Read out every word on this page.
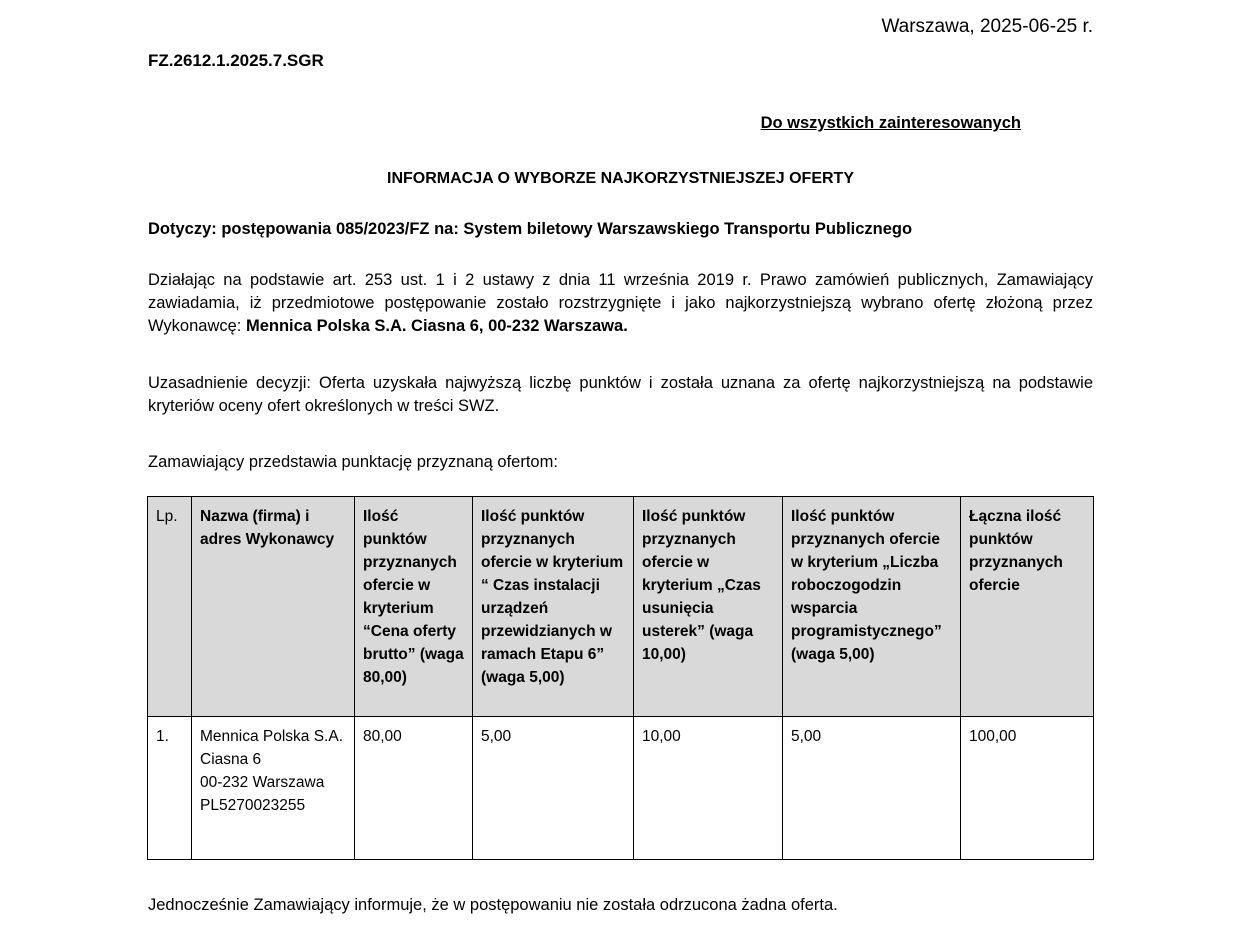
Warszawa, 2025-06-25 r.
FZ.2612.1.2025.7.SGR
Do wszystkich zainteresowanych
INFORMACJA O WYBORZE NAJKORZYSTNIEJSZEJ OFERTY
Dotyczy: postępowania 085/2023/FZ na: System biletowy Warszawskiego Transportu Publicznego
Działając na podstawie art. 253 ust. 1 i 2 ustawy z dnia 11 września 2019 r. Prawo zamówień publicznych, Zamawiający zawiadamia, iż przedmiotowe postępowanie zostało rozstrzygnięte i jako najkorzystniejszą wybrano ofertę złożoną przez Wykonawcę: Mennica Polska S.A. Ciasna 6, 00-232 Warszawa.
Uzasadnienie decyzji: Oferta uzyskała najwyższą liczbę punktów i została uznana za ofertę najkorzystniejszą na podstawie kryteriów oceny ofert określonych w treści SWZ.
Zamawiający przedstawia punktację przyznaną ofertom:
Lp.	Nazwa (firma) i adres Wykonawcy	Ilość punktów przyznanych ofercie w kryterium “Cena oferty brutto” (waga 80,00)	Ilość punktów przyznanych ofercie w kryterium “ Czas instalacji urządzeń przewidzianych w ramach Etapu 6” (waga 5,00)	Ilość punktów przyznanych ofercie w kryterium „Czas usunięcia usterek” (waga 10,00)	Ilość punktów przyznanych ofercie w kryterium „Liczba roboczogodzin wsparcia programistycznego” (waga 5,00)	Łączna ilość punktów przyznanych ofercie
1.	Mennica Polska S.A.
Ciasna 6
00-232 Warszawa
PL5270023255	80,00	5,00	10,00	5,00	100,00
Jednocześnie Zamawiający informuje, że w postępowaniu nie została odrzucona żadna oferta.
